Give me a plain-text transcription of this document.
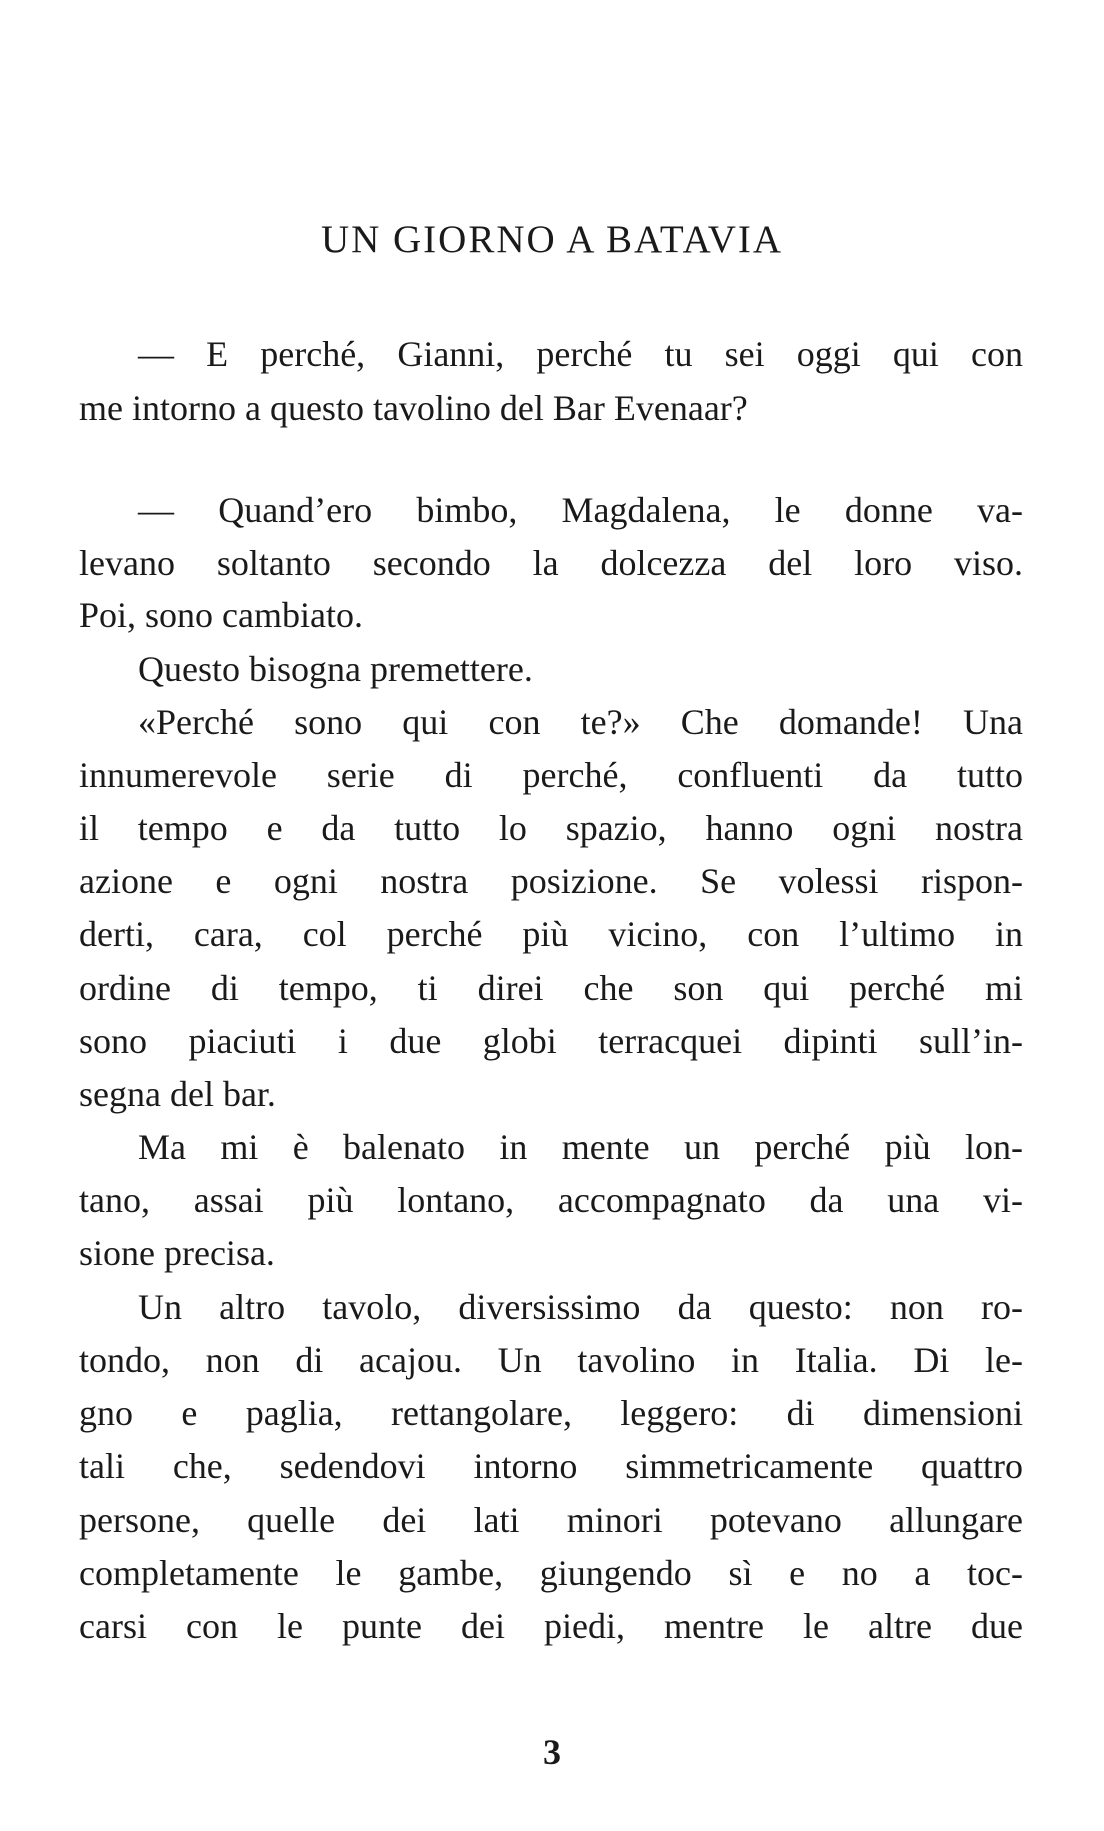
UN GIORNO A BATAVIA
— E perché, Gianni, perché tu sei oggi qui con
me intorno a questo tavolino del Bar Evenaar?
— Quand’ero bimbo, Magdalena, le donne va-
levano soltanto secondo la dolcezza del loro viso.
Poi, sono cambiato.
Questo bisogna premettere.
«Perché sono qui con te?» Che domande! Una
innumerevole serie di perché, confluenti da tutto
il tempo e da tutto lo spazio, hanno ogni nostra
azione e ogni nostra posizione. Se volessi rispon-
derti, cara, col perché più vicino, con l’ultimo in
ordine di tempo, ti direi che son qui perché mi
sono piaciuti i due globi terracquei dipinti sull’in-
segna del bar.
Ma mi è balenato in mente un perché più lon-
tano, assai più lontano, accompagnato da una vi-
sione precisa.
Un altro tavolo, diversissimo da questo: non ro-
tondo, non di acajou. Un tavolino in Italia. Di le-
gno e paglia, rettangolare, leggero: di dimensioni
tali che, sedendovi intorno simmetricamente quattro
persone, quelle dei lati minori potevano allungare
completamente le gambe, giungendo sì e no a toc-
carsi con le punte dei piedi, mentre le altre due
3
